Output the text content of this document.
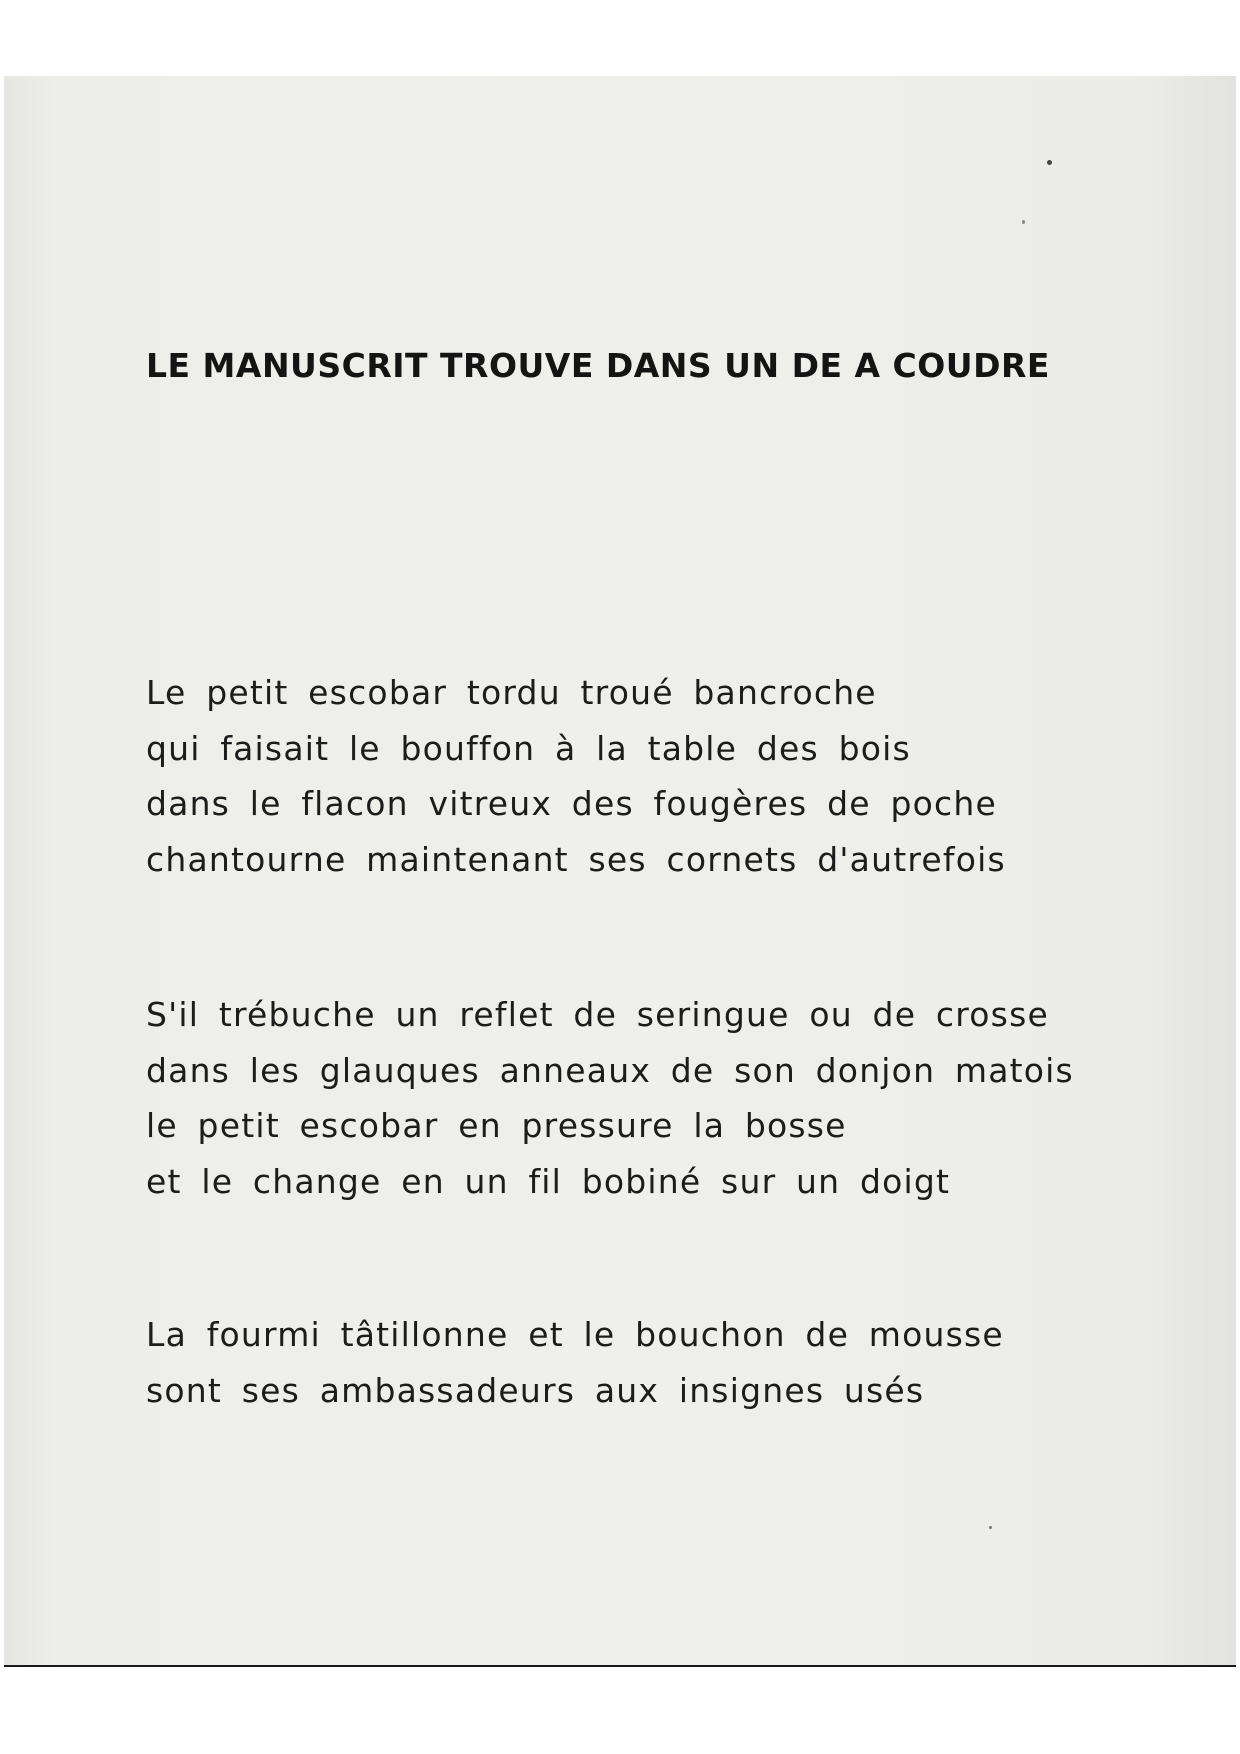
LE MANUSCRIT TROUVE DANS UN DE A COUDRE
Le petit escobar tordu troué bancroche
qui faisait le bouffon à la table des bois
dans le flacon vitreux des fougères de poche
chantourne maintenant ses cornets d'autrefois
S'il trébuche un reflet de seringue ou de crosse
dans les glauques anneaux de son donjon matois
le petit escobar en pressure la bosse
et le change en un fil bobiné sur un doigt
La fourmi tâtillonne et le bouchon de mousse
sont ses ambassadeurs aux insignes usés
